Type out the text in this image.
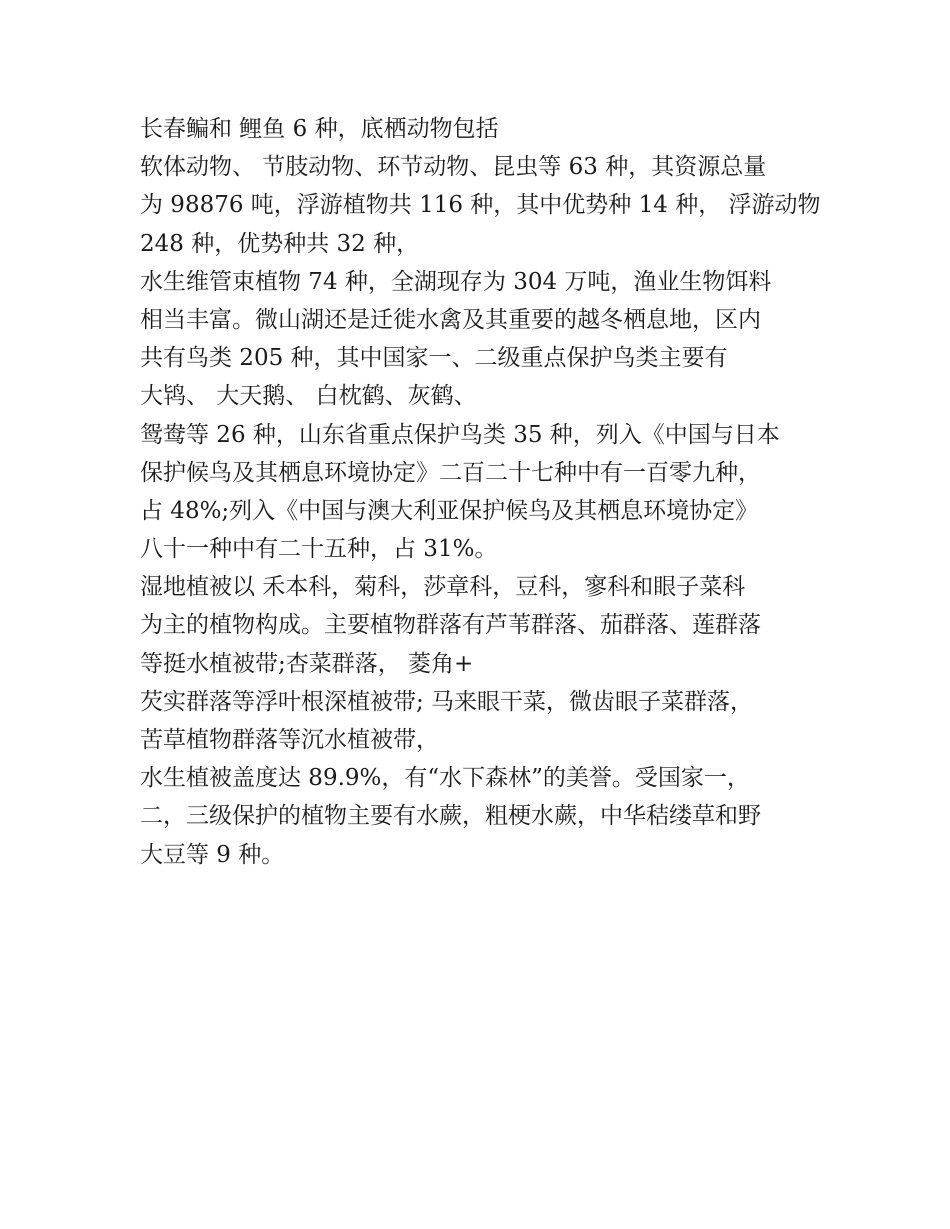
长春鳊和 鲤鱼 6 种，底栖动物包括
软体动物、 节肢动物、环节动物、昆虫等 63 种，其资源总量
为 98876 吨，浮游植物共 116 种，其中优势种 14 种， 浮游动物
248 种，优势种共 32 种，
水生维管束植物 74 种，全湖现存为 304 万吨，渔业生物饵料
相当丰富。微山湖还是迁徙水禽及其重要的越冬栖息地，区内
共有鸟类 205 种，其中国家一、二级重点保护鸟类主要有
大鸨、 大天鹅、 白枕鹤、灰鹤、
鸳鸯等 26 种，山东省重点保护鸟类 35 种，列入《中国与日本
保护候鸟及其栖息环境协定》二百二十七种中有一百零九种，
占 48%;列入《中国与澳大利亚保护候鸟及其栖息环境协定》
八十一种中有二十五种，占 31%。
湿地植被以 禾本科，菊科，莎章科，豆科，寥科和眼子菜科
为主的植物构成。主要植物群落有芦苇群落、茄群落、莲群落
等挺水植被带;杏菜群落， 菱角+
芡实群落等浮叶根深植被带; 马来眼干菜，微齿眼子菜群落，
苦草植物群落等沉水植被带，
水生植被盖度达 89.9%，有“水下森林”的美誉。受国家一，
二，三级保护的植物主要有水蕨，粗梗水蕨，中华秸缕草和野
大豆等 9 种。
